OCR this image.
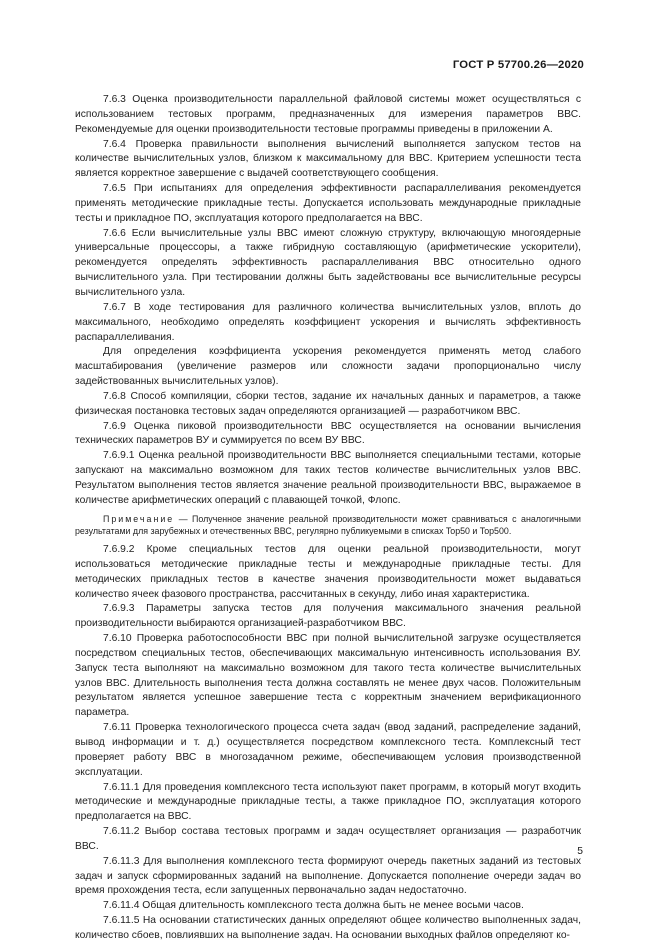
ГОСТ Р 57700.26—2020

7.6.3 Оценка производительности параллельной файловой системы может осуществляться с использованием тестовых программ, предназначенных для измерения параметров ВВС. Рекомендуемые для оценки производительности тестовые программы приведены в приложении А.

7.6.4 Проверка правильности выполнения вычислений выполняется запуском тестов на количестве вычислительных узлов, близком к максимальному для ВВС. Критерием успешности теста является корректное завершение с выдачей соответствующего сообщения.

7.6.5 При испытаниях для определения эффективности распараллеливания рекомендуется применять методические прикладные тесты. Допускается использовать международные прикладные тесты и прикладное ПО, эксплуатация которого предполагается на ВВС.

7.6.6 Если вычислительные узлы ВВС имеют сложную структуру, включающую многоядерные универсальные процессоры, а также гибридную составляющую (арифметические ускорители), рекомендуется определять эффективность распараллеливания ВВС относительно одного вычислительного узла. При тестировании должны быть задействованы все вычислительные ресурсы вычислительного узла.

7.6.7 В ходе тестирования для различного количества вычислительных узлов, вплоть до максимального, необходимо определять коэффициент ускорения и вычислять эффективность распараллеливания.

Для определения коэффициента ускорения рекомендуется применять метод слабого масштабирования (увеличение размеров или сложности задачи пропорционально числу задействованных вычислительных узлов).

7.6.8 Способ компиляции, сборки тестов, задание их начальных данных и параметров, а также физическая постановка тестовых задач определяются организацией — разработчиком ВВС.

7.6.9 Оценка пиковой производительности ВВС осуществляется на основании вычисления технических параметров ВУ и суммируется по всем ВУ ВВС.

7.6.9.1 Оценка реальной производительности ВВС выполняется специальными тестами, которые запускают на максимально возможном для таких тестов количестве вычислительных узлов ВВС. Результатом выполнения тестов является значение реальной производительности ВВС, выражаемое в количестве арифметических операций с плавающей точкой, Флопс.

Примечание — Полученное значение реальной производительности может сравниваться с аналогичными результатами для зарубежных и отечественных ВВС, регулярно публикуемыми в списках Top50 и Top500.

7.6.9.2 Кроме специальных тестов для оценки реальной производительности, могут использоваться методические прикладные тесты и международные прикладные тесты. Для методических прикладных тестов в качестве значения производительности может выдаваться количество ячеек фазового пространства, рассчитанных в секунду, либо иная характеристика.

7.6.9.3 Параметры запуска тестов для получения максимального значения реальной производительности выбираются организацией-разработчиком ВВС.

7.6.10 Проверка работоспособности ВВС при полной вычислительной загрузке осуществляется посредством специальных тестов, обеспечивающих максимальную интенсивность использования ВУ. Запуск теста выполняют на максимально возможном для такого теста количестве вычислительных узлов ВВС. Длительность выполнения теста должна составлять не менее двух часов. Положительным результатом является успешное завершение теста с корректным значением верификационного параметра.

7.6.11 Проверка технологического процесса счета задач (ввод заданий, распределение заданий, вывод информации и т. д.) осуществляется посредством комплексного теста. Комплексный тест проверяет работу ВВС в многозадачном режиме, обеспечивающем условия производственной эксплуатации.

7.6.11.1 Для проведения комплексного теста используют пакет программ, в который могут входить методические и международные прикладные тесты, а также прикладное ПО, эксплуатация которого предполагается на ВВС.

7.6.11.2 Выбор состава тестовых программ и задач осуществляет организация — разработчик ВВС.

7.6.11.3 Для выполнения комплексного теста формируют очередь пакетных заданий из тестовых задач и запуск сформированных заданий на выполнение. Допускается пополнение очереди задач во время прохождения теста, если запущенных первоначально задач недостаточно.

7.6.11.4 Общая длительность комплексного теста должна быть не менее восьми часов.

7.6.11.5 На основании статистических данных определяют общее количество выполненных задач, количество сбоев, повлиявших на выполнение задач. На основании выходных файлов определяют ко-

5
